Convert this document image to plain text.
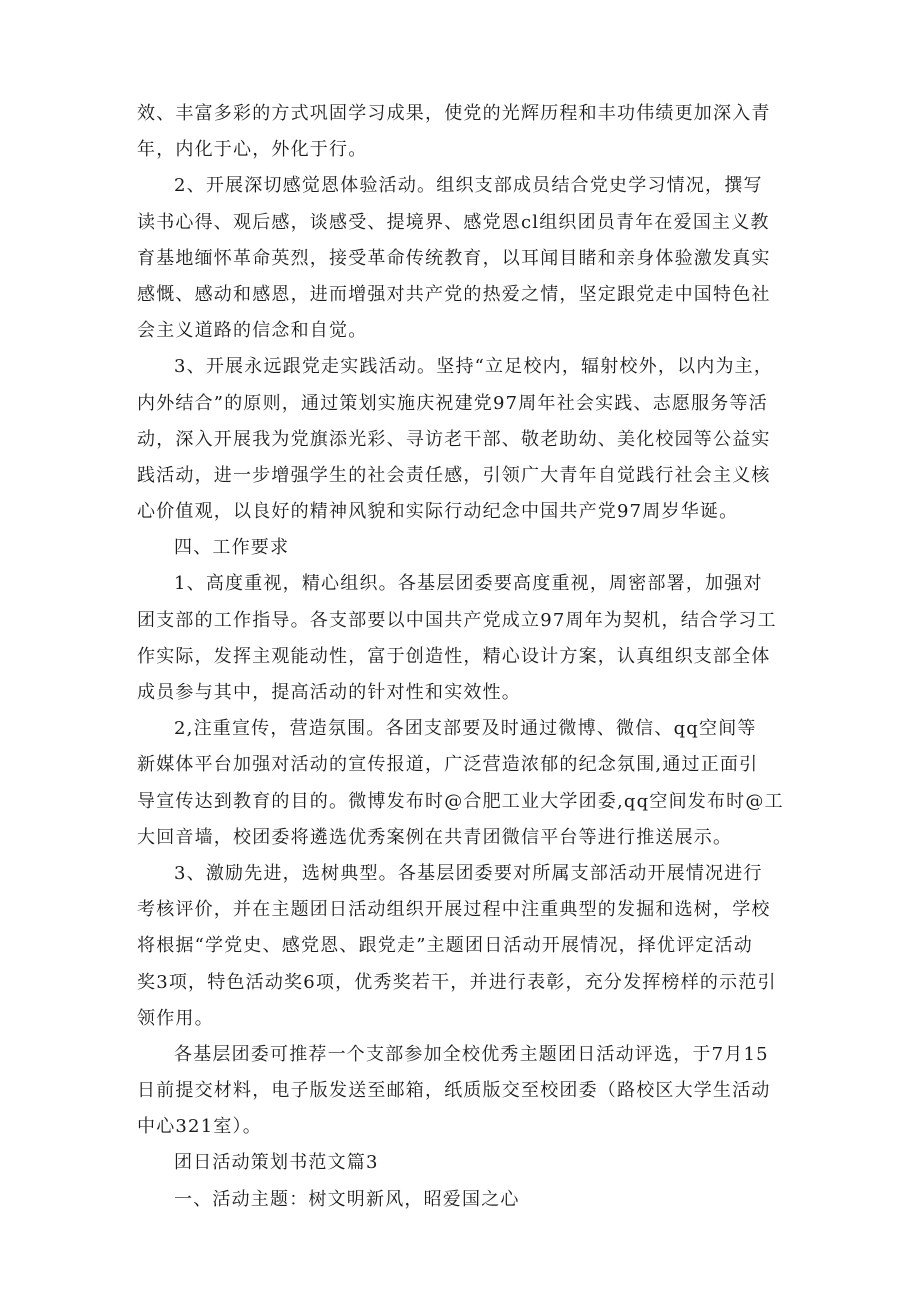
效、丰富多彩的方式巩固学习成果，使党的光辉历程和丰功伟绩更加深入青
年，内化于心，外化于行。
2、开展深切感觉恩体验活动。组织支部成员结合党史学习情况，撰写
读书心得、观后感，谈感受、提境界、感党恩cl组织团员青年在爱国主义教
育基地缅怀革命英烈，接受革命传统教育，以耳闻目睹和亲身体验激发真实
感慨、感动和感恩，进而增强对共产党的热爱之情，坚定跟党走中国特色社
会主义道路的信念和自觉。
3、开展永远跟党走实践活动。坚持“立足校内，辐射校外，以内为主，
内外结合”的原则，通过策划实施庆祝建党97周年社会实践、志愿服务等活
动，深入开展我为党旗添光彩、寻访老干部、敬老助幼、美化校园等公益实
践活动，进一步增强学生的社会责任感，引领广大青年自觉践行社会主义核
心价值观，以良好的精神风貌和实际行动纪念中国共产党97周岁华诞。
四、工作要求
1、高度重视，精心组织。各基层团委要高度重视，周密部署，加强对
团支部的工作指导。各支部要以中国共产党成立97周年为契机，结合学习工
作实际，发挥主观能动性，富于创造性，精心设计方案，认真组织支部全体
成员参与其中，提高活动的针对性和实效性。
2,注重宣传，营造氛围。各团支部要及时通过微博、微信、qq空间等
新媒体平台加强对活动的宣传报道，广泛营造浓郁的纪念氛围,通过正面引
导宣传达到教育的目的。微博发布时@合肥工业大学团委,qq空间发布时@工
大回音墙，校团委将遴选优秀案例在共青团微信平台等进行推送展示。
3、激励先进，选树典型。各基层团委要对所属支部活动开展情况进行
考核评价，并在主题团日活动组织开展过程中注重典型的发掘和选树，学校
将根据“学党史、感党恩、跟党走”主题团日活动开展情况，择优评定活动
奖3项，特色活动奖6项，优秀奖若干，并进行表彰，充分发挥榜样的示范引
领作用。
各基层团委可推荐一个支部参加全校优秀主题团日活动评选，于7月15
日前提交材料，电子版发送至邮箱，纸质版交至校团委（路校区大学生活动
中心321室）。
团日活动策划书范文篇3
一、活动主题：树文明新风，昭爱国之心
